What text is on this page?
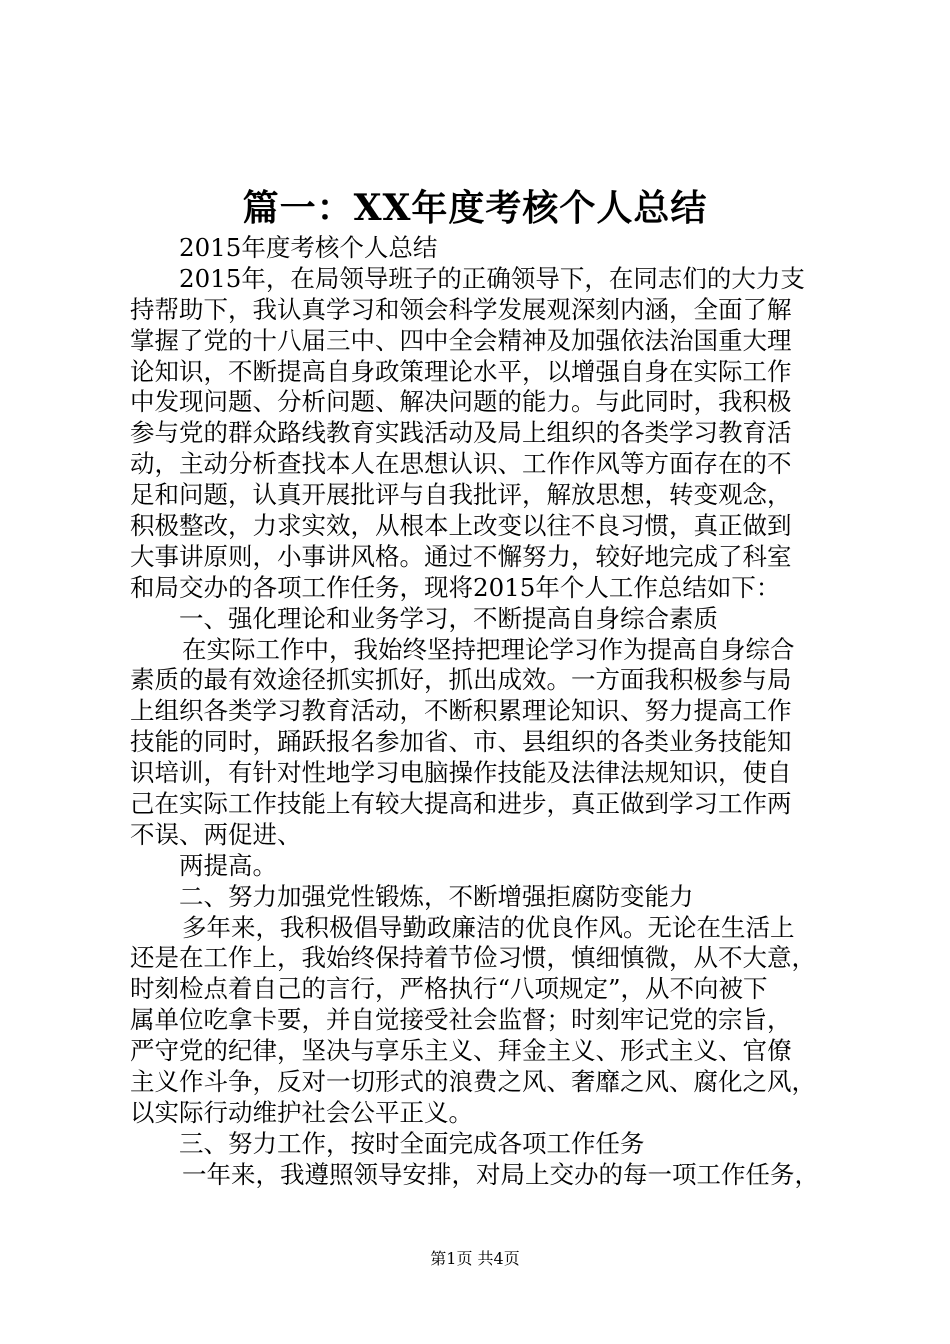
篇一：XX年度考核个人总结
2015年度考核个人总结
2015年，在局领导班子的正确领导下，在同志们的大力支
持帮助下，我认真学习和领会科学发展观深刻内涵，全面了解
掌握了党的十八届三中、四中全会精神及加强依法治国重大理
论知识，不断提高自身政策理论水平，以增强自身在实际工作
中发现问题、分析问题、解决问题的能力。与此同时，我积极
参与党的群众路线教育实践活动及局上组织的各类学习教育活
动，主动分析查找本人在思想认识、工作作风等方面存在的不
足和问题，认真开展批评与自我批评，解放思想，转变观念，
积极整改，力求实效，从根本上改变以往不良习惯，真正做到
大事讲原则，小事讲风格。通过不懈努力，较好地完成了科室
和局交办的各项工作任务，现将2015年个人工作总结如下：
一、强化理论和业务学习，不断提高自身综合素质
在实际工作中，我始终坚持把理论学习作为提高自身综合
素质的最有效途径抓实抓好，抓出成效。一方面我积极参与局
上组织各类学习教育活动，不断积累理论知识、努力提高工作
技能的同时，踊跃报名参加省、市、县组织的各类业务技能知
识培训，有针对性地学习电脑操作技能及法律法规知识，使自
己在实际工作技能上有较大提高和进步，真正做到学习工作两
不误、两促进、
两提高。
二、努力加强党性锻炼，不断增强拒腐防变能力
多年来，我积极倡导勤政廉洁的优良作风。无论在生活上
还是在工作上，我始终保持着节俭习惯，慎细慎微，从不大意，
时刻检点着自己的言行，严格执行“八项规定”，从不向被下
属单位吃拿卡要，并自觉接受社会监督；时刻牢记党的宗旨，
严守党的纪律，坚决与享乐主义、拜金主义、形式主义、官僚
主义作斗争，反对一切形式的浪费之风、奢靡之风、腐化之风，
以实际行动维护社会公平正义。
三、努力工作，按时全面完成各项工作任务
一年来，我遵照领导安排，对局上交办的每一项工作任务，
第1页 共4页
